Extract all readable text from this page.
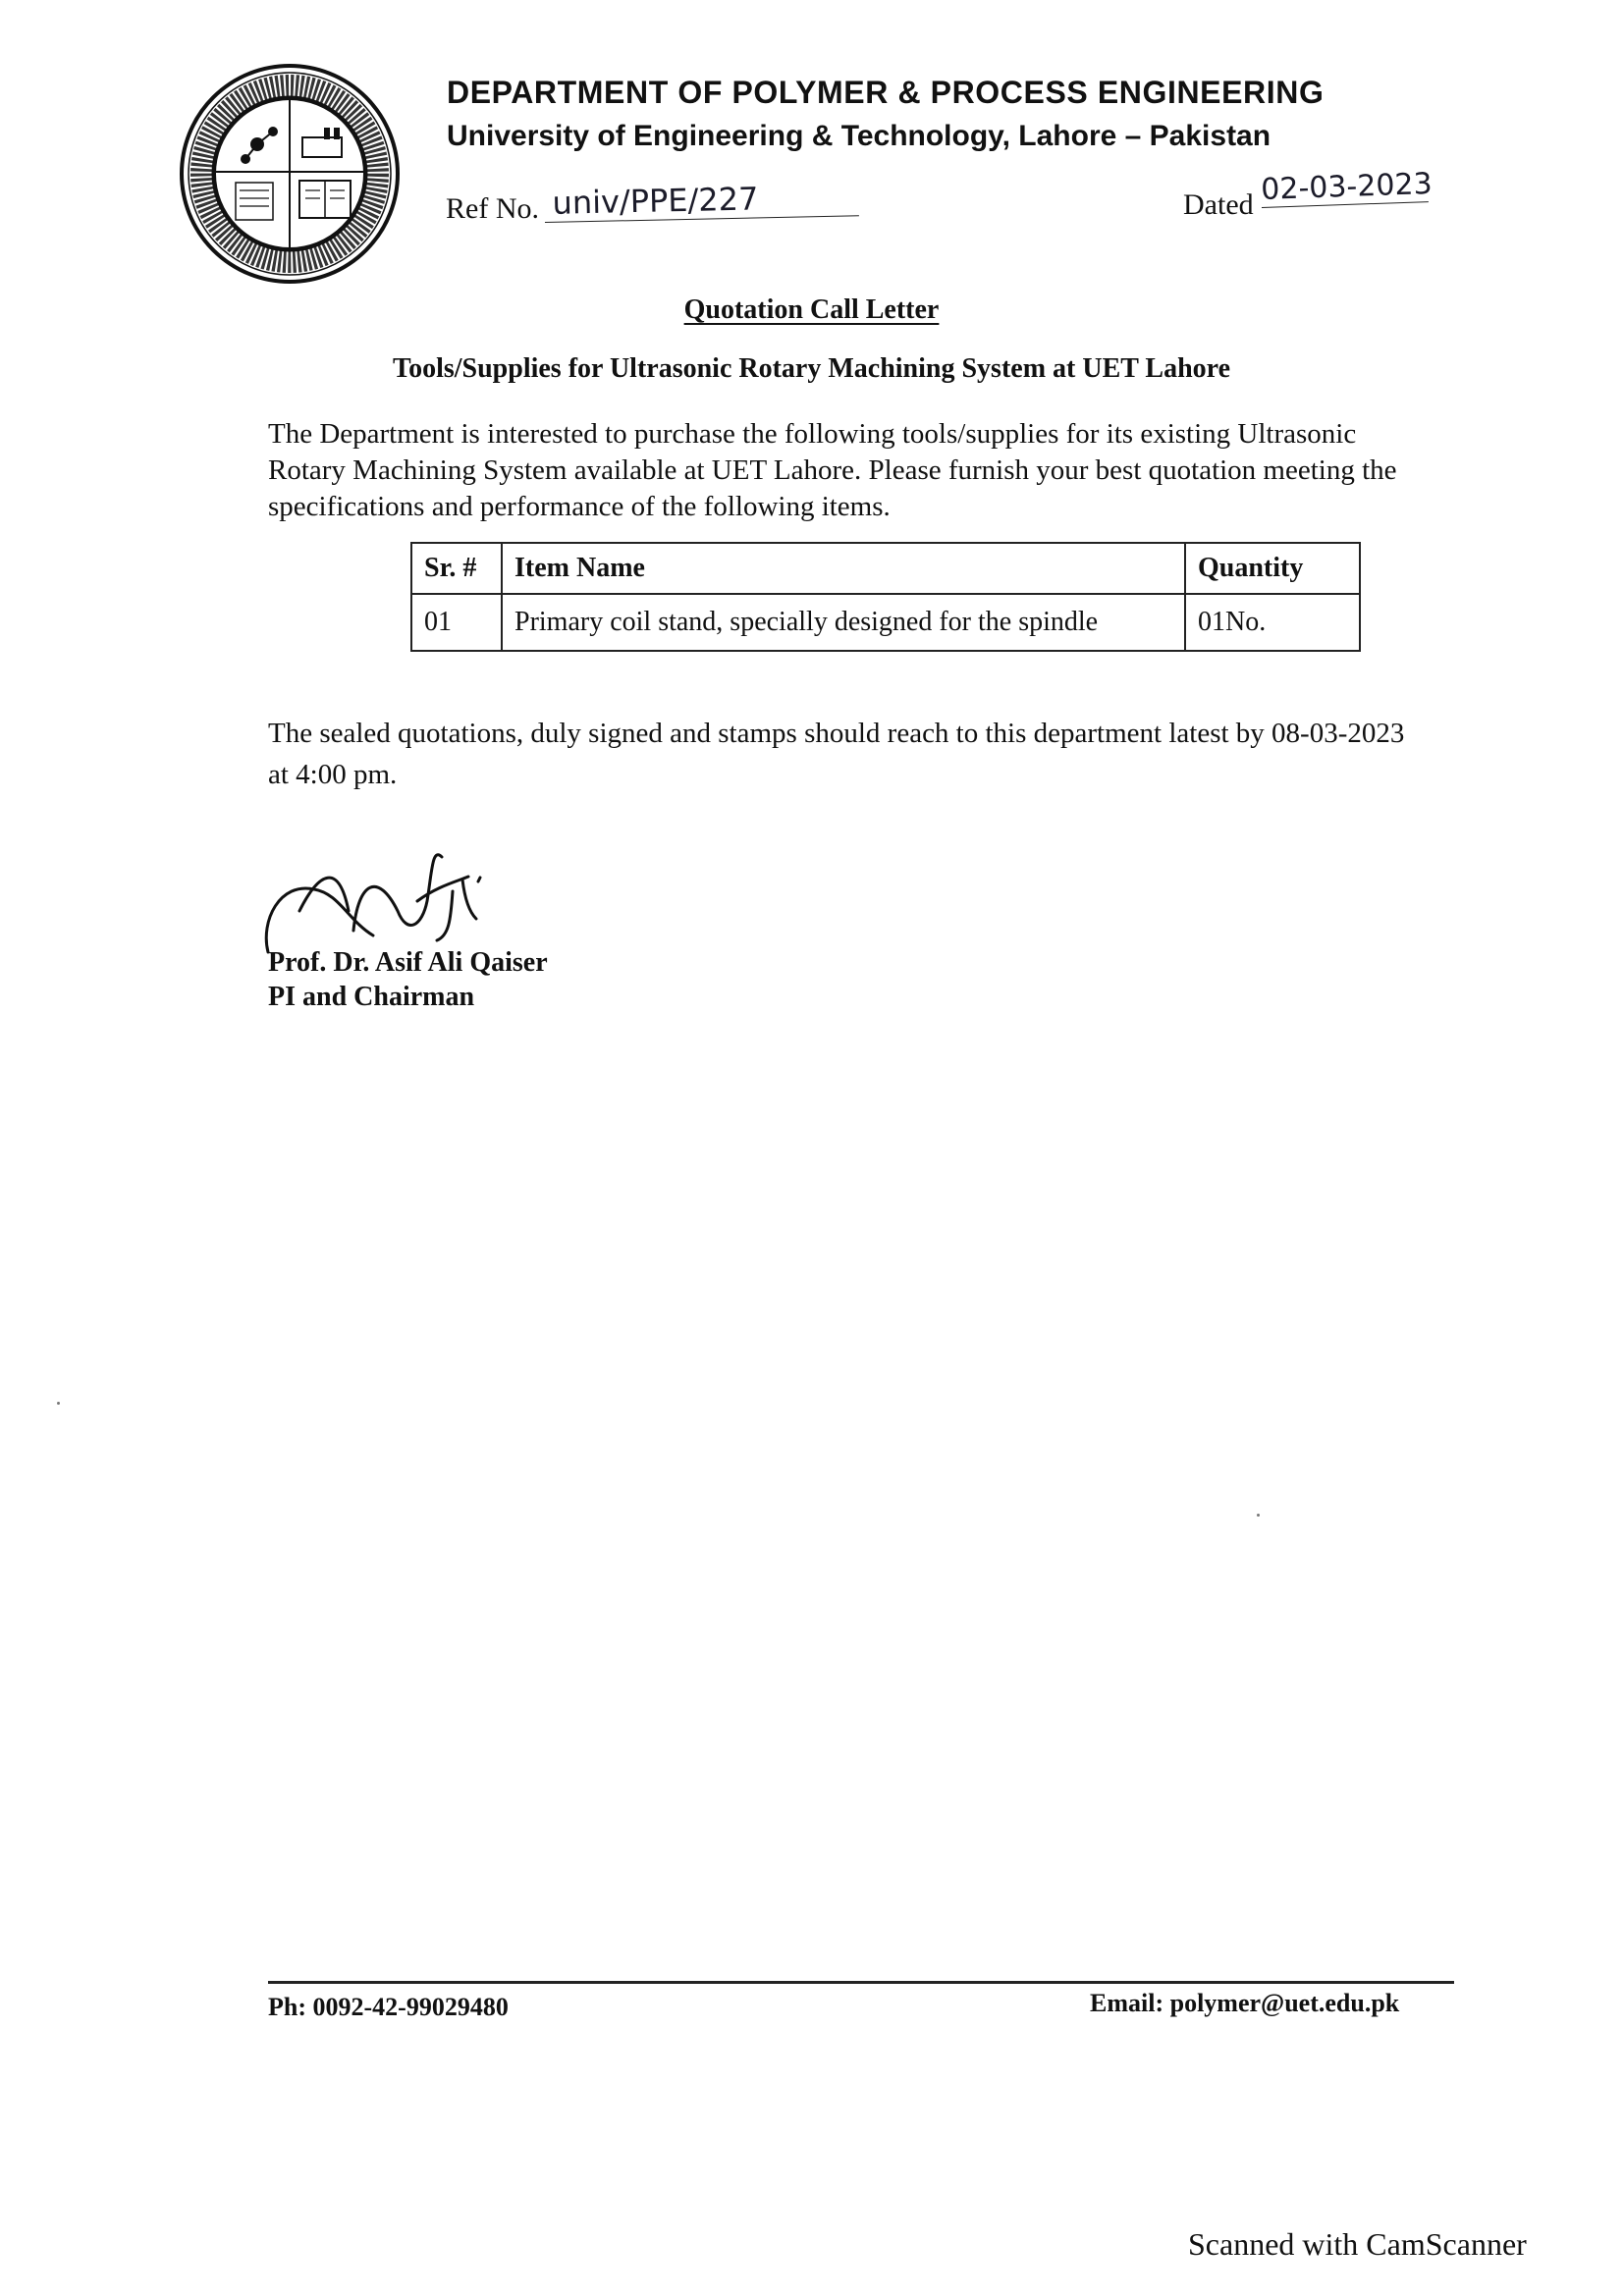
DEPARTMENT OF POLYMER & PROCESS ENGINEERING
University of Engineering & Technology, Lahore – Pakistan
Ref No. univ/PPE/227	Dated 02-03-2023
Quotation Call Letter
Tools/Supplies for Ultrasonic Rotary Machining System at UET Lahore
The Department is interested to purchase the following tools/supplies for its existing Ultrasonic Rotary Machining System available at UET Lahore. Please furnish your best quotation meeting the specifications and performance of the following items.
Sr. #	Item Name	Quantity
01	Primary coil stand, specially designed for the spindle	01No.
The sealed quotations, duly signed and stamps should reach to this department latest by 08-03-2023 at 4:00 pm.
Prof. Dr. Asif Ali Qaiser
PI and Chairman
Ph: 0092-42-99029480	Email: polymer@uet.edu.pk
Scanned with CamScanner
